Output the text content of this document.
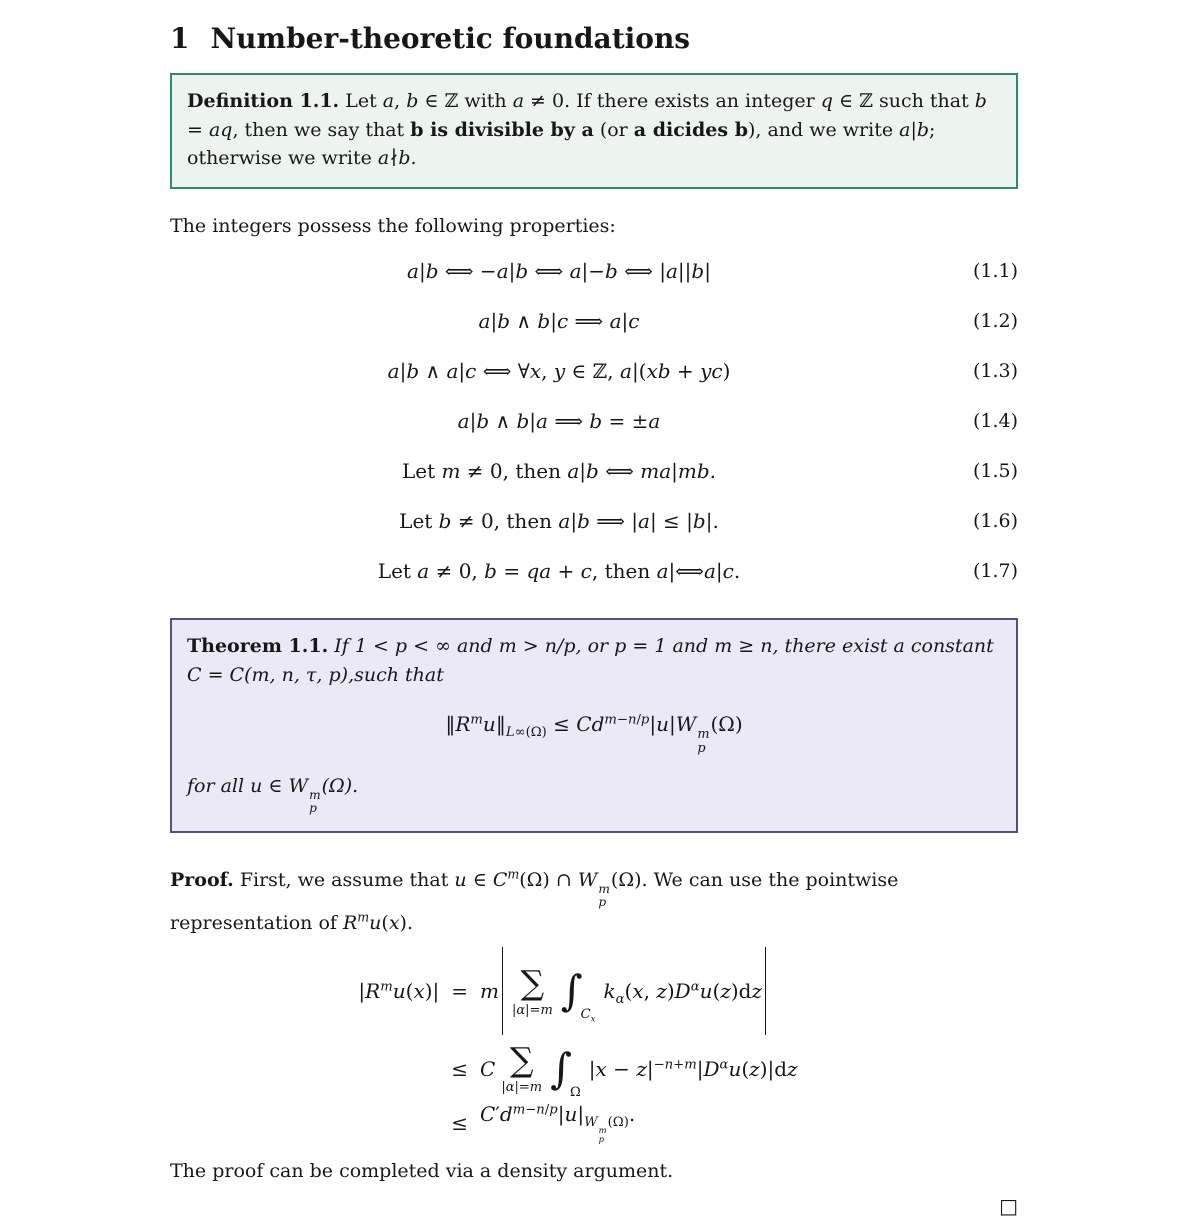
1 Number-theoretic foundations

Definition 1.1. Let a, b ∈ ℤ with a ≠ 0. If there exists an integer q ∈ ℤ such that b = aq, then we say that b is divisible by a (or a dicides b), and we write a|b; otherwise we write a∤b.

The integers possess the following properties:

a|b ⟺ −a|b ⟺ a|−b ⟺ |a||b|	(1.1)
a|b ∧ b|c ⟹ a|c	(1.2)
a|b ∧ a|c ⟺ ∀x, y ∈ ℤ, a|(xb + yc)	(1.3)
a|b ∧ b|a ⟹ b = ±a	(1.4)
Let m ≠ 0, then a|b ⟺ ma|mb.	(1.5)
Let b ≠ 0, then a|b ⟹ |a| ≤ |b|.	(1.6)
Let a ≠ 0, b = qa + c, then a|⟺a|c.	(1.7)

Theorem 1.1. If 1 < p < ∞ and m > n/p, or p = 1 and m ≥ n, there exist a constant C = C(m, n, τ, p),such that

$‖R^mu‖_{L\infty(\Omega)} \le Cd^{m-n/p}|u|W$ m
p
(Ω)

for all u ∈ W m
p
(Ω).

Proof. First, we assume that u ∈ $C^m(\Omega)$ ∩ W m
p
(Ω). We can use the pointwise representation of $R^mu(x)$.

$|R^mu(x)| = m$ ∑
|α|=m $\int_{C_x}$
$k_\alpha(x$, $z)D^\alpha u(z)dz$
≤ C ∑
|α|=m $\int_\Omega$
$|x - z|^{-n+m}|D^\alpha u(z)|dz$
≤ $C'd^{m-n/p}|u|_{W m p (\Omega)}$.

The proof can be completed via a density argument.

□
